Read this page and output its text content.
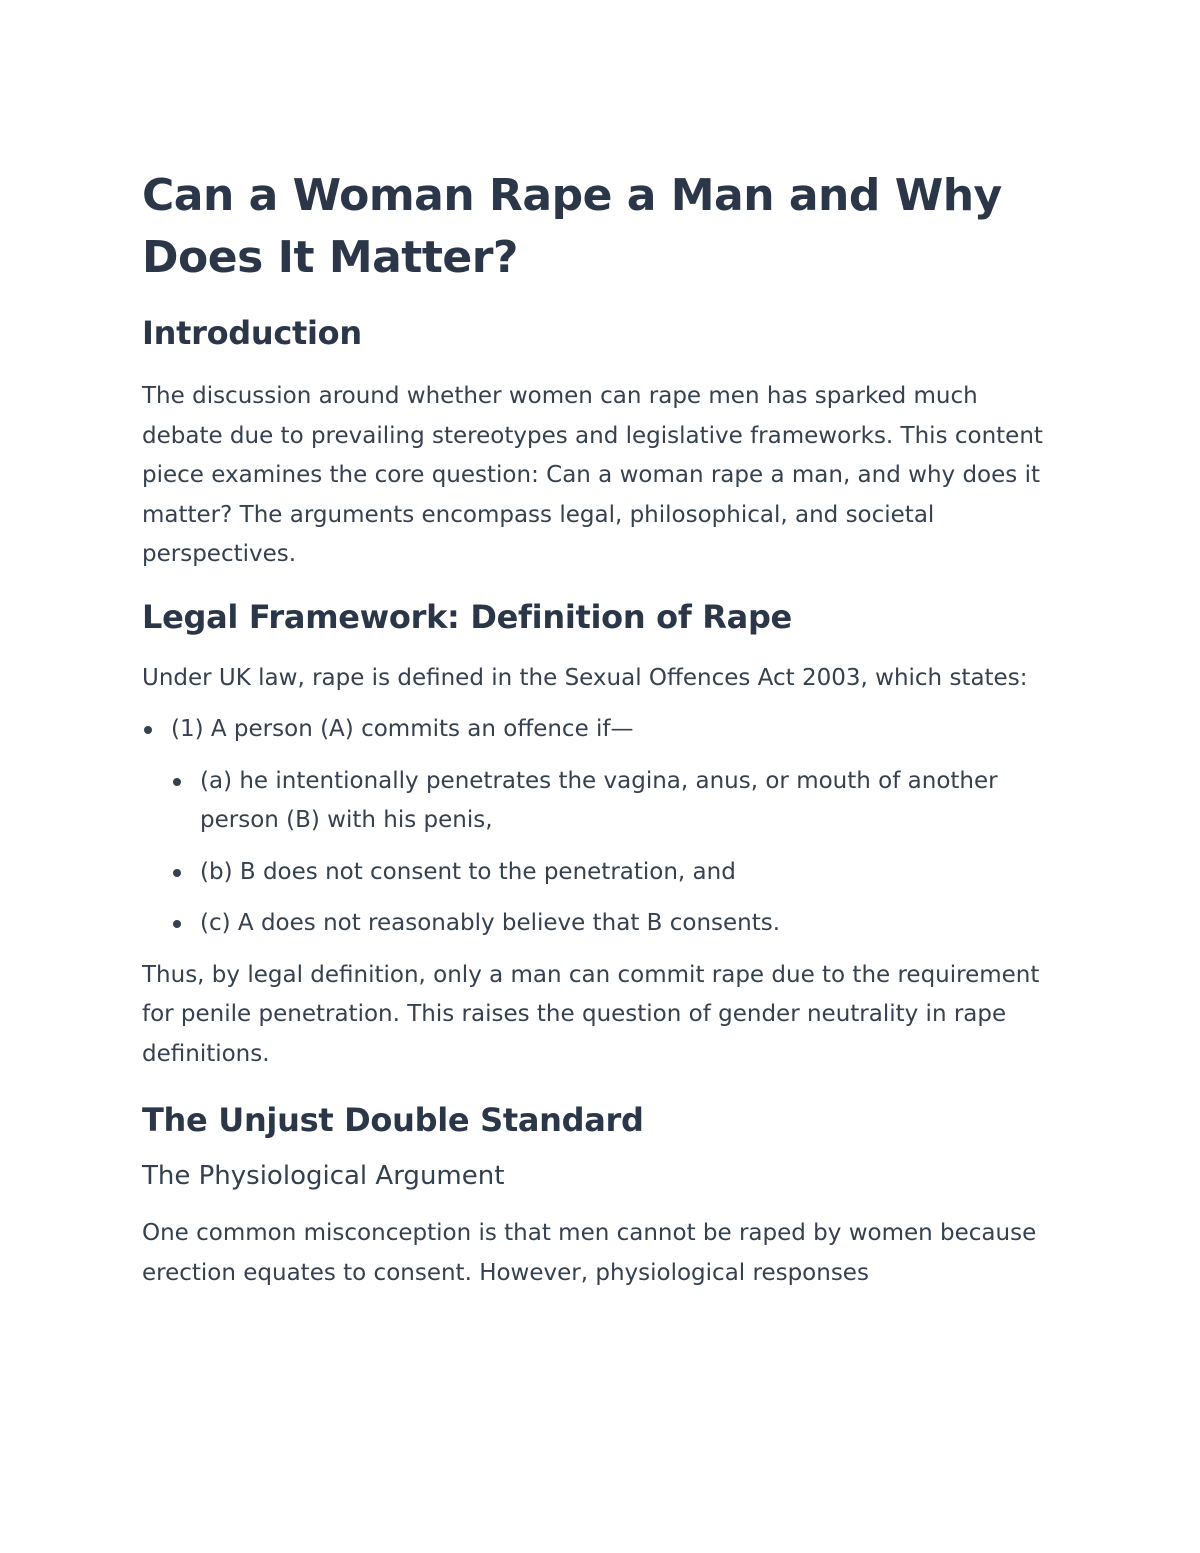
Can a Woman Rape a Man and Why Does It Matter?
Introduction

The discussion around whether women can rape men has sparked much debate due to prevailing stereotypes and legislative frameworks. This content piece examines the core question: Can a woman rape a man, and why does it matter? The arguments encompass legal, philosophical, and societal perspectives.

Legal Framework: Definition of Rape

Under UK law, rape is defined in the Sexual Offences Act 2003, which states:

(1) A person (A) commits an offence if—
(a) he intentionally penetrates the vagina, anus, or mouth of another person (B) with his penis,
(b) B does not consent to the penetration, and
(c) A does not reasonably believe that B consents.

Thus, by legal definition, only a man can commit rape due to the requirement for penile penetration. This raises the question of gender neutrality in rape definitions.

The Unjust Double Standard
The Physiological Argument

One common misconception is that men cannot be raped by women because erection equates to consent. However, physiological responses
